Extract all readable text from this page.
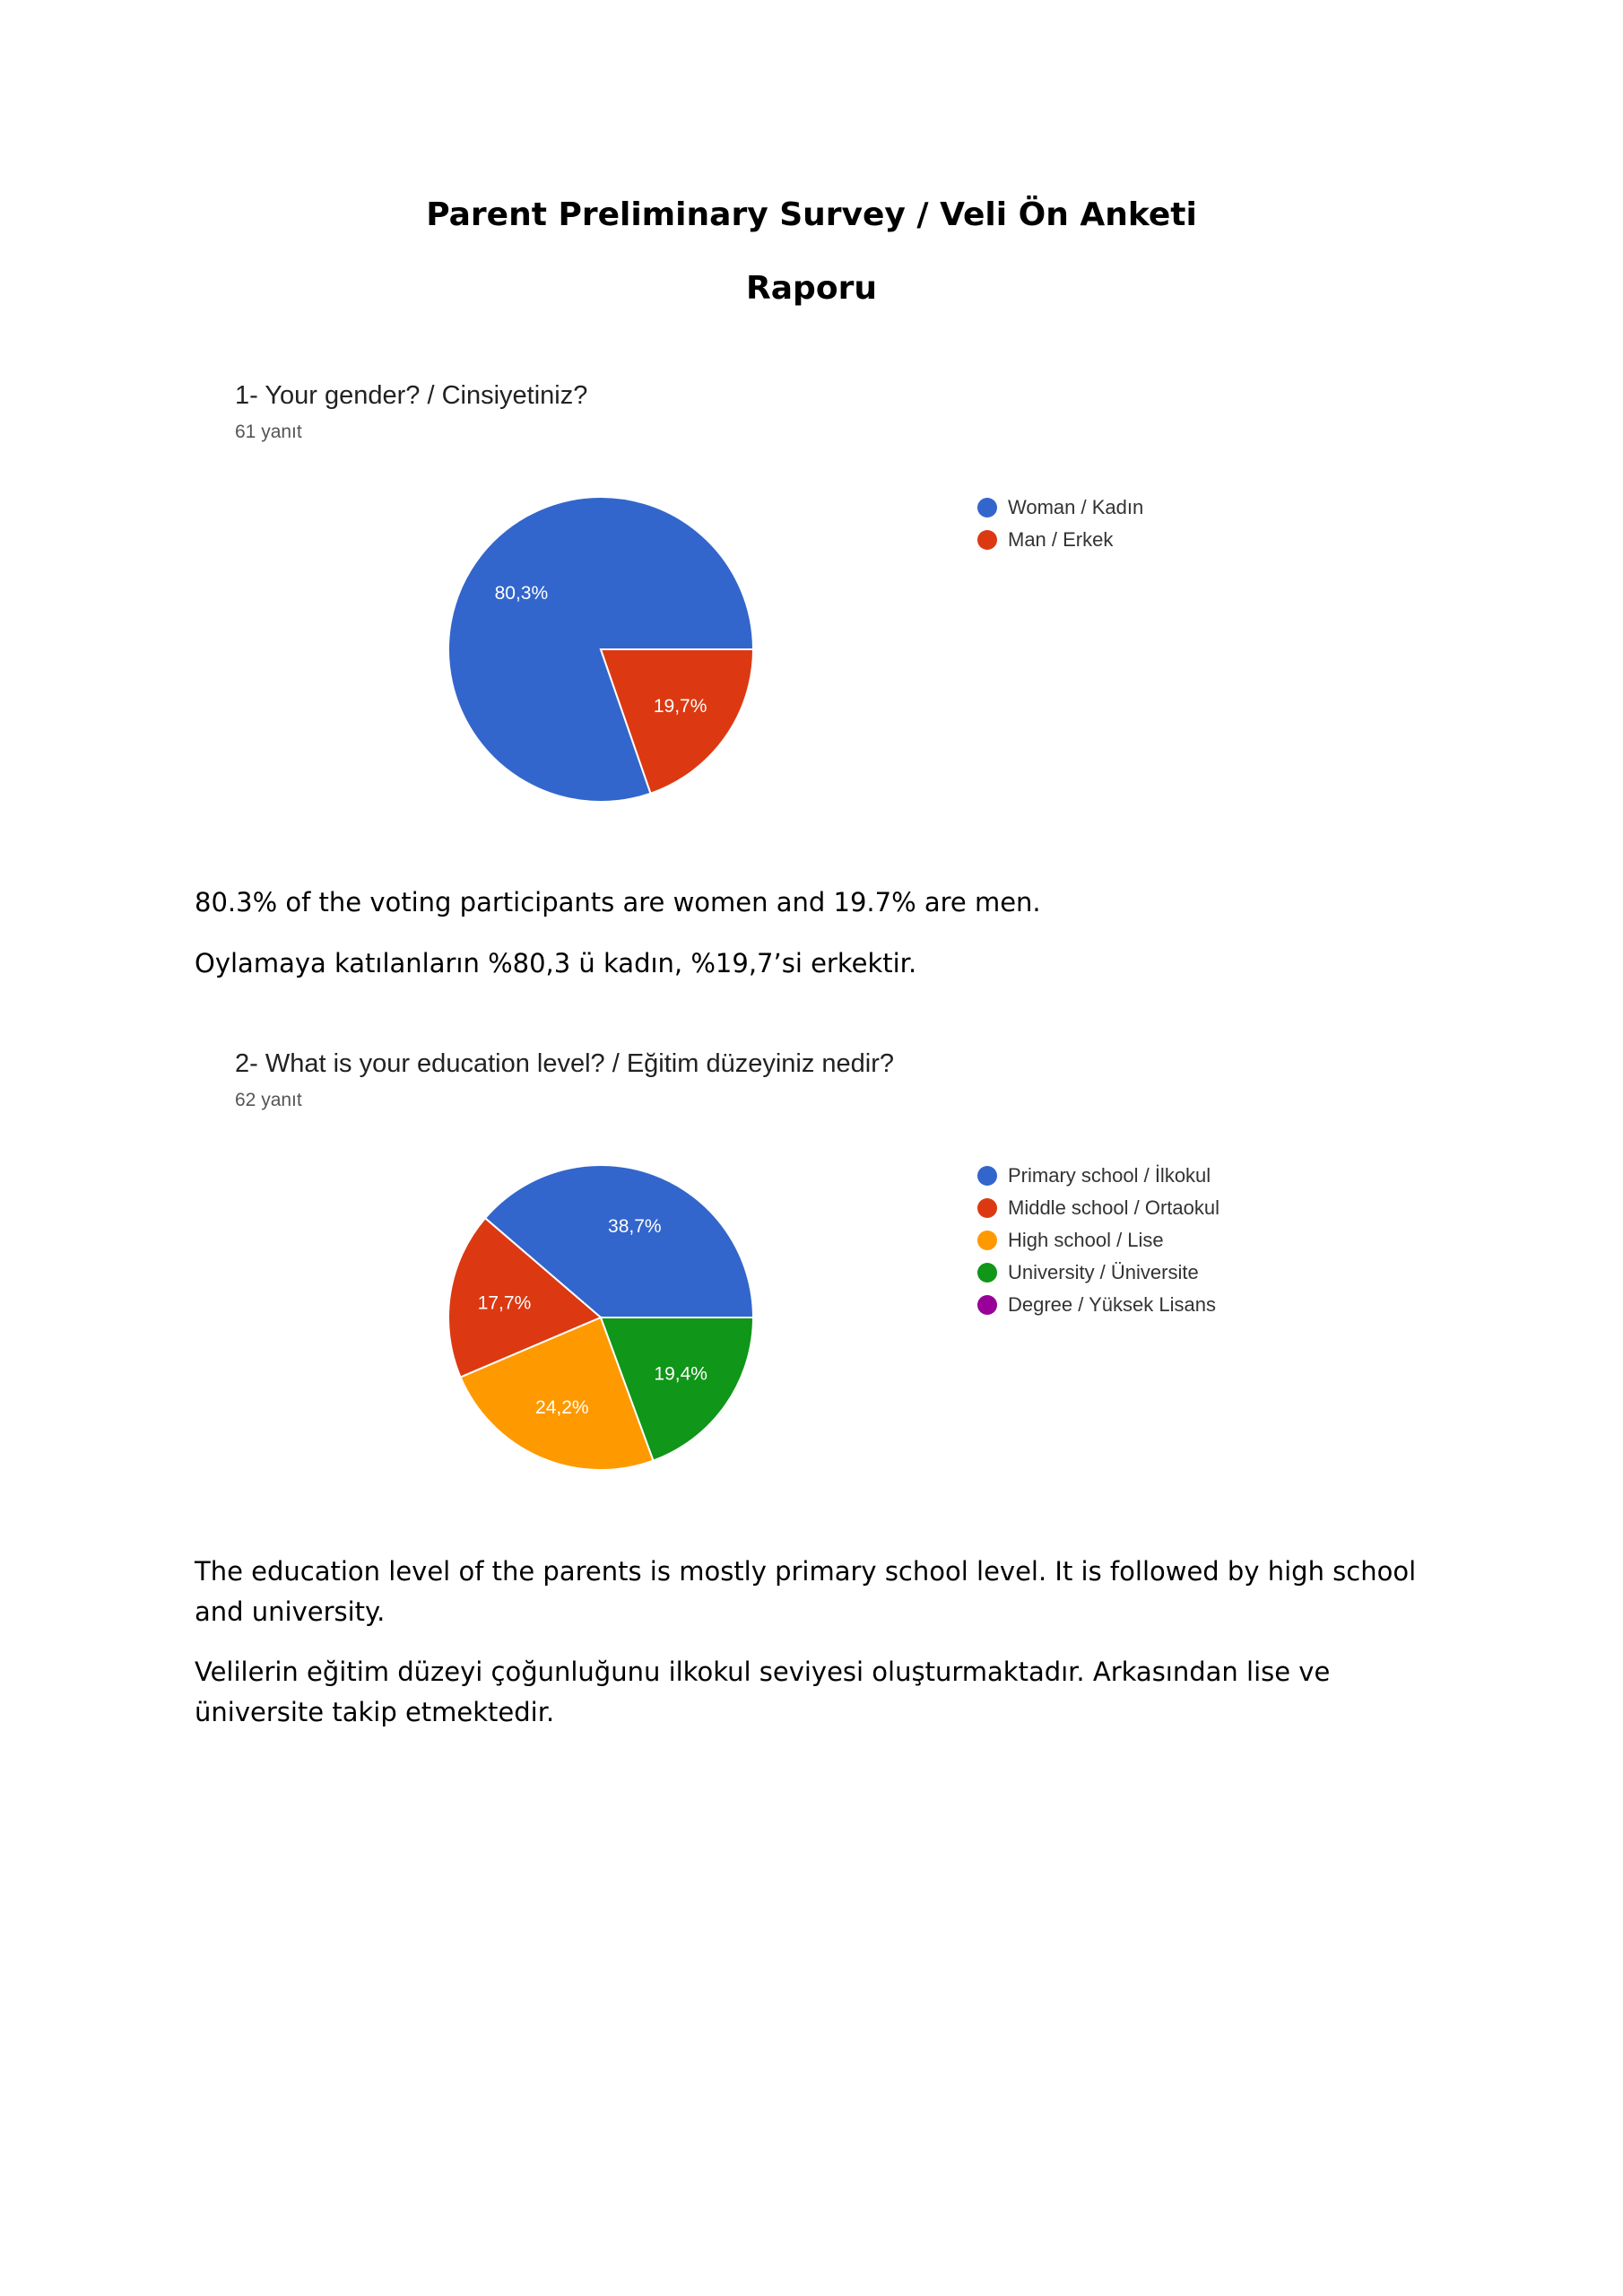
Parent Preliminary Survey / Veli Ön Anketi
Raporu
1- Your gender? / Cinsiyetiniz?
61 yanıt
80,3%
19,7%
Woman / Kadın
Man / Erkek
80.3% of the voting participants are women and 19.7% are men.
Oylamaya katılanların %80,3 ü kadın, %19,7’si erkektir.
2- What is your education level? / Eğitim düzeyiniz nedir?
62 yanıt
38,7%
17,7%
24,2%
19,4%
Primary school / İlkokul
Middle school / Ortaokul
High school / Lise
University / Üniversite
Degree / Yüksek Lisans
The education level of the parents is mostly primary school level. It is followed by high school and university.
Velilerin eğitim düzeyi çoğunluğunu ilkokul seviyesi oluşturmaktadır. Arkasından lise ve üniversite takip etmektedir.
